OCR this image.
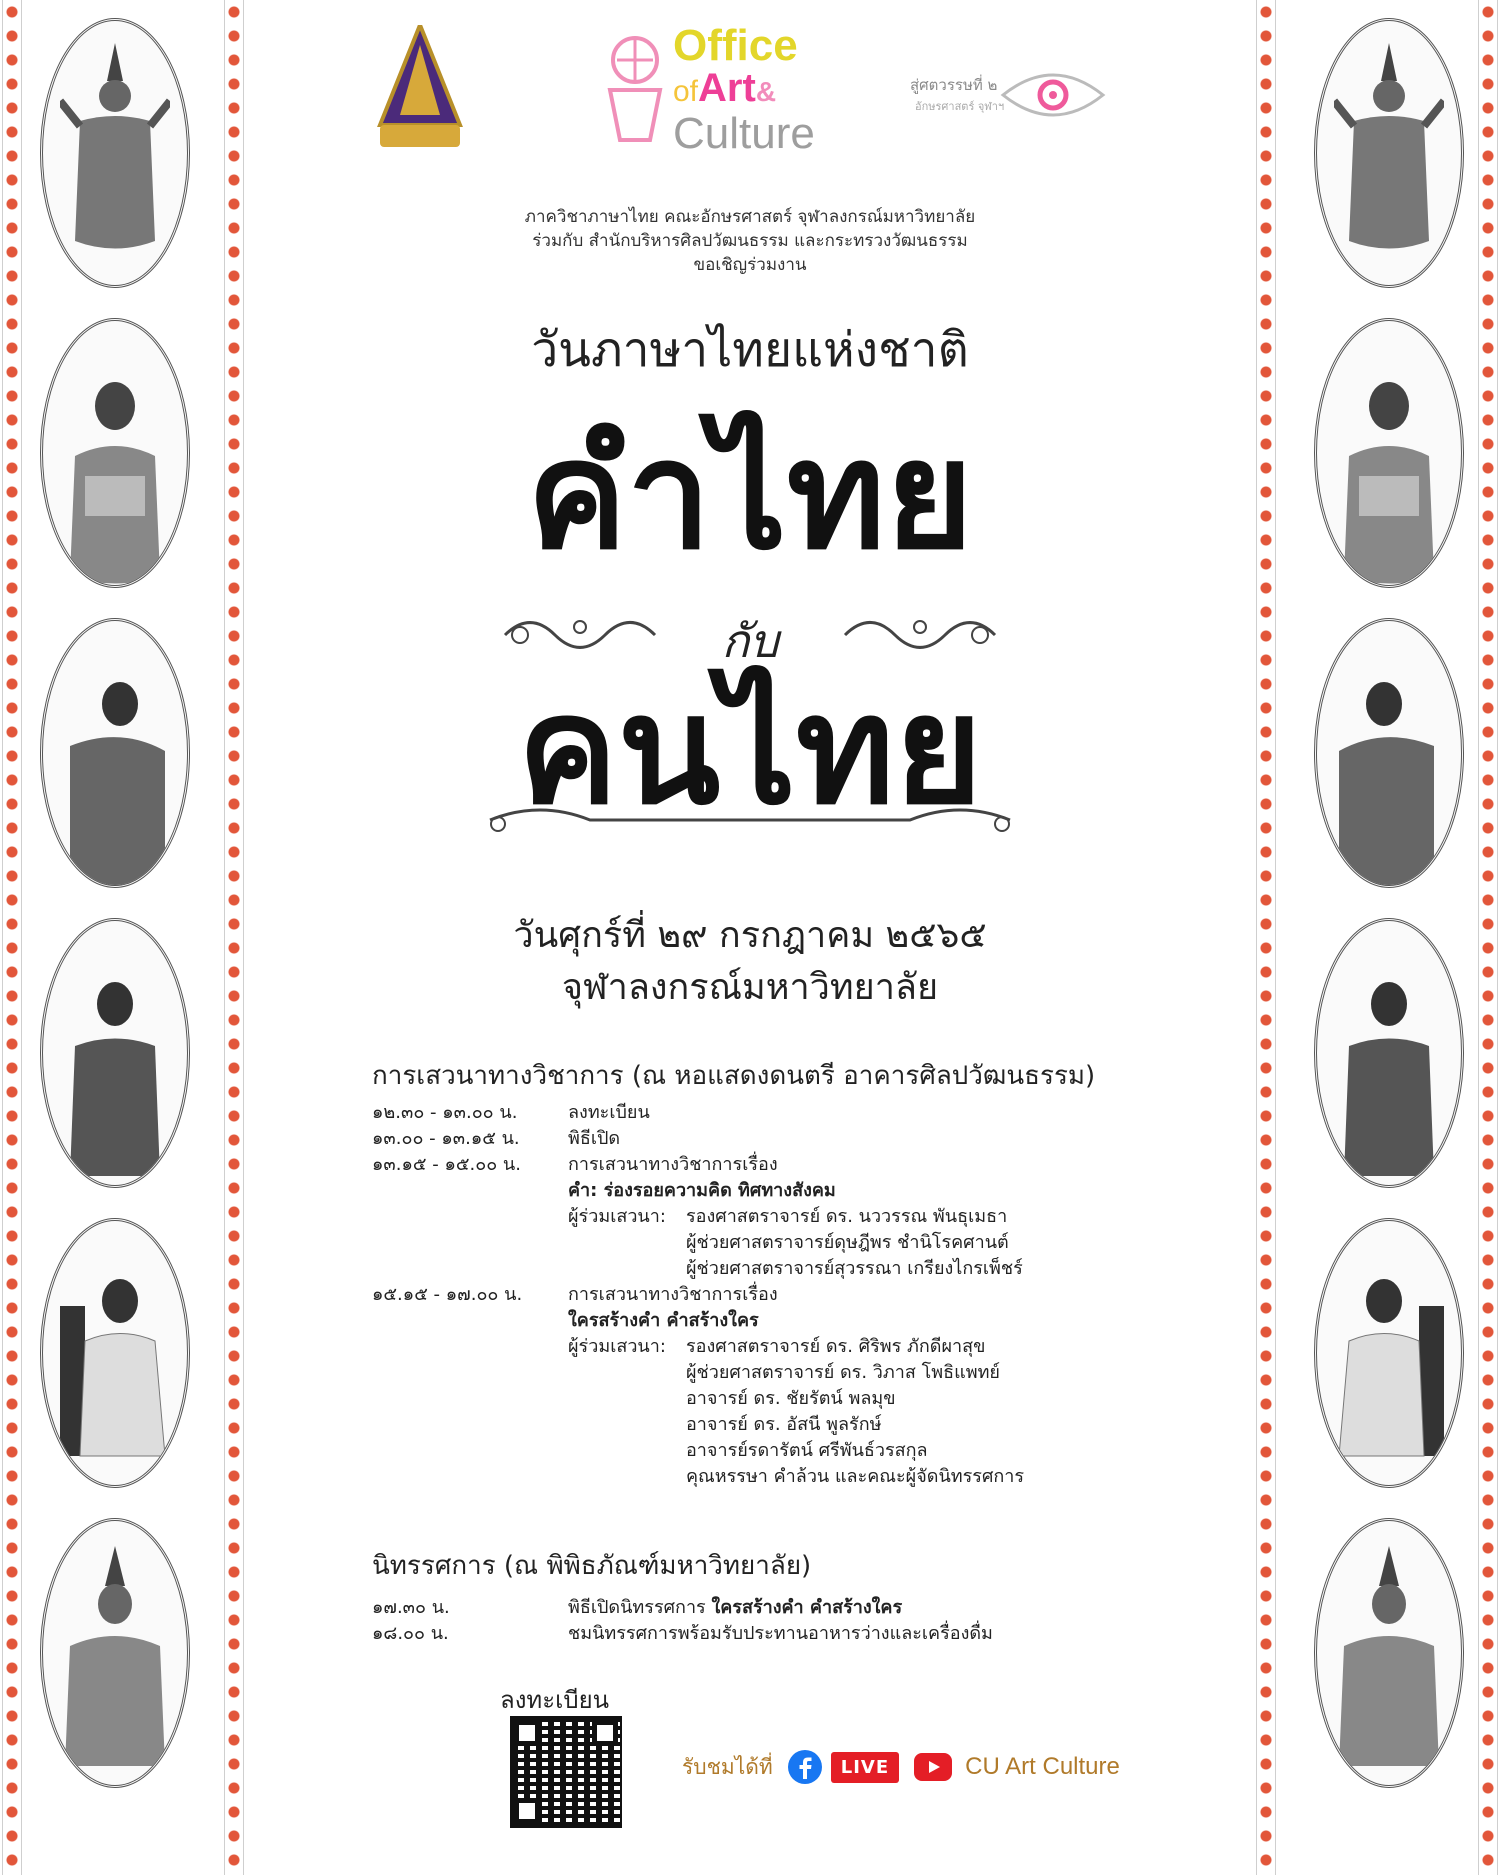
Office
ofArt&
Culture
สู่ศตวรรษที่ ๒
อักษรศาสตร์ จุฬาฯ
ภาควิชาภาษาไทย คณะอักษรศาสตร์ จุฬาลงกรณ์มหาวิทยาลัย
ร่วมกับ สำนักบริหารศิลปวัฒนธรรม และกระทรวงวัฒนธรรม
ขอเชิญร่วมงาน
วันภาษาไทยแห่งชาติ
คำไทย
กับ
คนไทย
วันศุกร์ที่ ๒๙ กรกฎาคม ๒๕๖๕
จุฬาลงกรณ์มหาวิทยาลัย
การเสวนาทางวิชาการ (ณ หอแสดงดนตรี อาคารศิลปวัฒนธรรม)
๑๒.๓๐ - ๑๓.๐๐ น.	ลงทะเบียน
๑๓.๐๐ - ๑๓.๑๕ น.	พิธีเปิด
๑๓.๑๕ - ๑๕.๐๐ น.	การเสวนาทางวิชาการเรื่อง
คำ: ร่องรอยความคิด ทิศทางสังคม
ผู้ร่วมเสวนา:	รองศาสตราจารย์ ดร. นววรรณ พันธุเมธา
ผู้ช่วยศาสตราจารย์ดุษฎีพร ชำนิโรคศานต์
ผู้ช่วยศาสตราจารย์สุวรรณา เกรียงไกรเพ็ชร์
๑๕.๑๕ - ๑๗.๐๐ น.	การเสวนาทางวิชาการเรื่อง
ใครสร้างคำ คำสร้างใคร
ผู้ร่วมเสวนา:	รองศาสตราจารย์ ดร. ศิริพร ภักดีผาสุข
ผู้ช่วยศาสตราจารย์ ดร. วิภาส โพธิแพทย์
อาจารย์ ดร. ชัยรัตน์ พลมุข
อาจารย์ ดร. อัสนี พูลรักษ์
อาจารย์รดารัตน์ ศรีพันธ์วรสกุล
คุณหรรษา คำล้วน และคณะผู้จัดนิทรรศการ
นิทรรศการ (ณ พิพิธภัณฑ์มหาวิทยาลัย)
๑๗.๓๐ น.	พิธีเปิดนิทรรศการ
ใครสร้างคำ คำสร้างใคร
๑๘.๐๐ น.	ชมนิทรรศการพร้อมรับประทานอาหารว่างและเครื่องดื่ม
ลงทะเบียน
รับชมได้ที่	LIVE	CU Art Culture
